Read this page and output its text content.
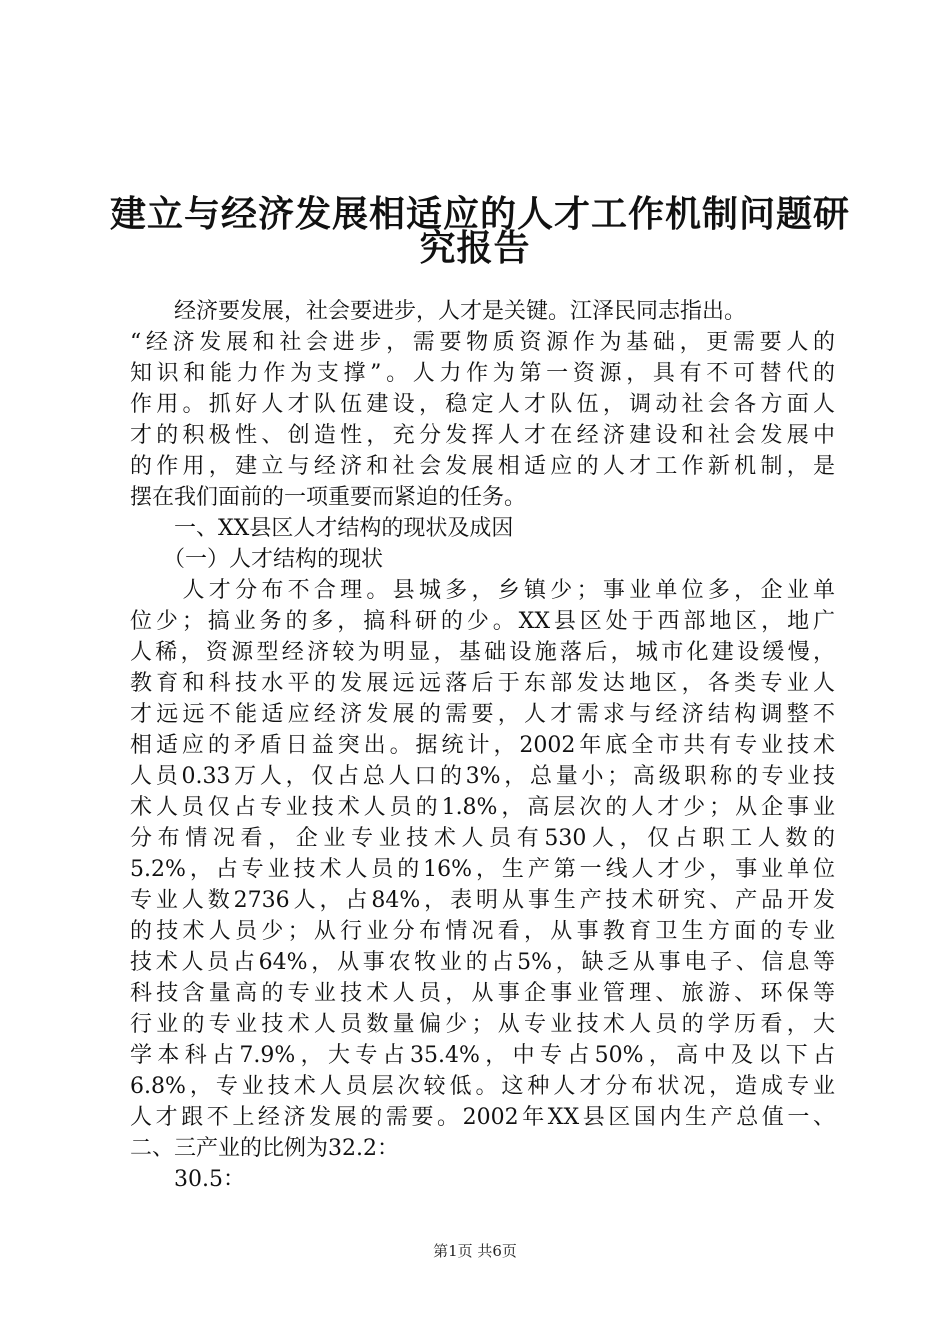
建立与经济发展相适应的人才工作机制问题研
究报告
　　经济要发展，社会要进步，人才是关键。江泽民同志指出。
“经济发展和社会进步，需要物质资源作为基础，更需要人的
知识和能力作为支撑”。人力作为第一资源，具有不可替代的
作用。抓好人才队伍建设，稳定人才队伍，调动社会各方面人
才的积极性、创造性，充分发挥人才在经济建设和社会发展中
的作用，建立与经济和社会发展相适应的人才工作新机制，是
摆在我们面前的一项重要而紧迫的任务。
　　一、XX县区人才结构的现状及成因
　　（一）人才结构的现状
　　人才分布不合理。县城多，乡镇少；事业单位多，企业单
位少；搞业务的多，搞科研的少。XX县区处于西部地区，地广
人稀，资源型经济较为明显，基础设施落后，城市化建设缓慢，
教育和科技水平的发展远远落后于东部发达地区，各类专业人
才远远不能适应经济发展的需要，人才需求与经济结构调整不
相适应的矛盾日益突出。据统计，2002年底全市共有专业技术
人员0.33万人，仅占总人口的3%，总量小；高级职称的专业技
术人员仅占专业技术人员的1.8%，高层次的人才少；从企事业
分布情况看，企业专业技术人员有530人，仅占职工人数的
5.2%，占专业技术人员的16%，生产第一线人才少，事业单位
专业人数2736人，占84%，表明从事生产技术研究、产品开发
的技术人员少；从行业分布情况看，从事教育卫生方面的专业
技术人员占64%，从事农牧业的占5%，缺乏从事电子、信息等
科技含量高的专业技术人员，从事企事业管理、旅游、环保等
行业的专业技术人员数量偏少；从专业技术人员的学历看，大
学本科占7.9%，大专占35.4%，中专占50%，高中及以下占
6.8%，专业技术人员层次较低。这种人才分布状况，造成专业
人才跟不上经济发展的需要。2002年XX县区国内生产总值一、
二、三产业的比例为32.2：
　　30.5：
第1页 共6页
